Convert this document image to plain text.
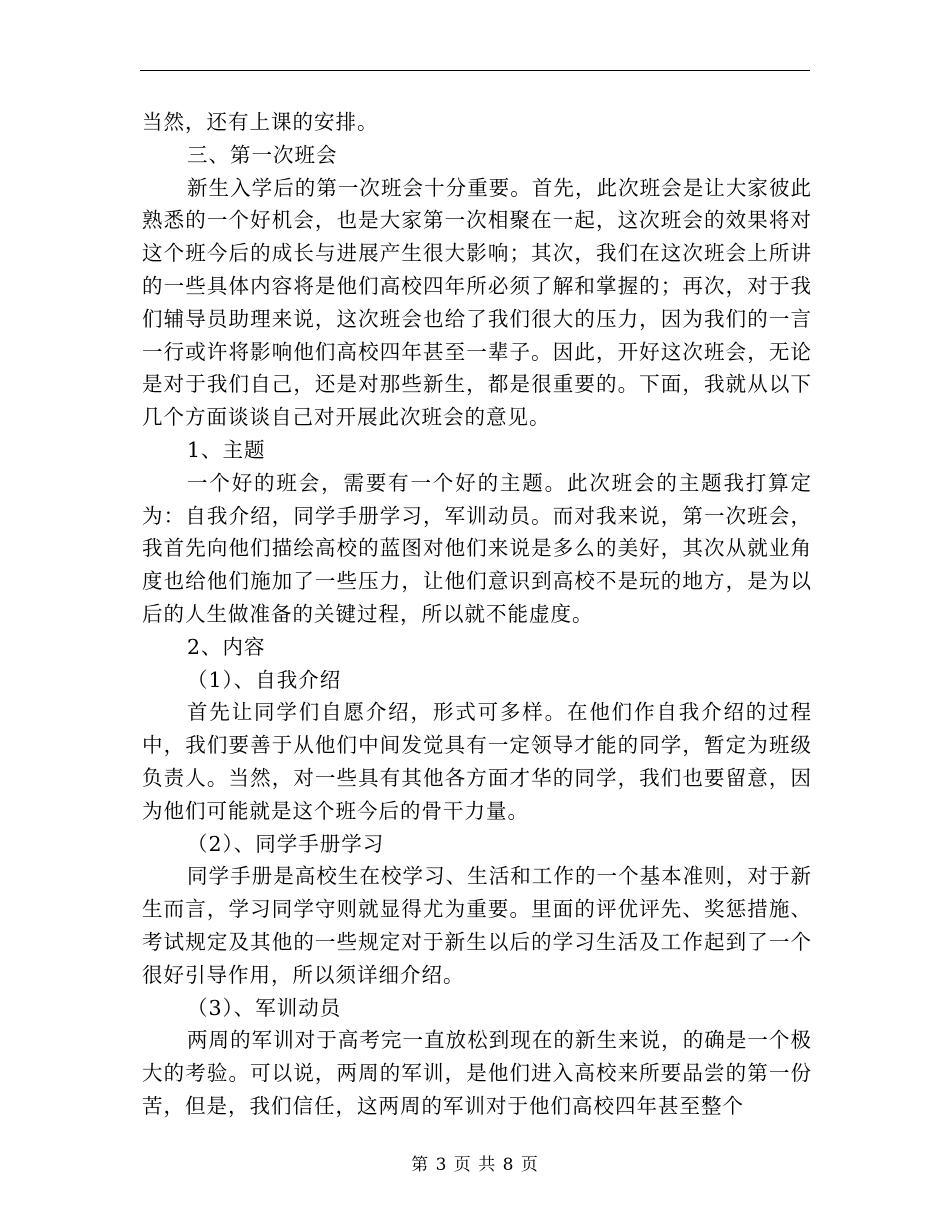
当然，还有上课的安排。

三、第一次班会

新生入学后的第一次班会十分重要。首先，此次班会是让大家彼此熟悉的一个好机会，也是大家第一次相聚在一起，这次班会的效果将对这个班今后的成长与进展产生很大影响；其次，我们在这次班会上所讲的一些具体内容将是他们高校四年所必须了解和掌握的；再次，对于我们辅导员助理来说，这次班会也给了我们很大的压力，因为我们的一言一行或许将影响他们高校四年甚至一辈子。因此，开好这次班会，无论是对于我们自己，还是对那些新生，都是很重要的。下面，我就从以下几个方面谈谈自己对开展此次班会的意见。

1、主题

一个好的班会，需要有一个好的主题。此次班会的主题我打算定为：自我介绍，同学手册学习，军训动员。而对我来说，第一次班会，我首先向他们描绘高校的蓝图对他们来说是多么的美好，其次从就业角度也给他们施加了一些压力，让他们意识到高校不是玩的地方，是为以后的人生做准备的关键过程，所以就不能虚度。

2、内容

（1）、自我介绍

首先让同学们自愿介绍，形式可多样。在他们作自我介绍的过程中，我们要善于从他们中间发觉具有一定领导才能的同学，暂定为班级负责人。当然，对一些具有其他各方面才华的同学，我们也要留意，因为他们可能就是这个班今后的骨干力量。

（2）、同学手册学习

同学手册是高校生在校学习、生活和工作的一个基本准则，对于新生而言，学习同学守则就显得尤为重要。里面的评优评先、奖惩措施、考试规定及其他的一些规定对于新生以后的学习生活及工作起到了一个很好引导作用，所以须详细介绍。

（3）、军训动员

两周的军训对于高考完一直放松到现在的新生来说，的确是一个极大的考验。可以说，两周的军训，是他们进入高校来所要品尝的第一份苦，但是，我们信任，这两周的军训对于他们高校四年甚至整个

第 3 页 共 8 页
